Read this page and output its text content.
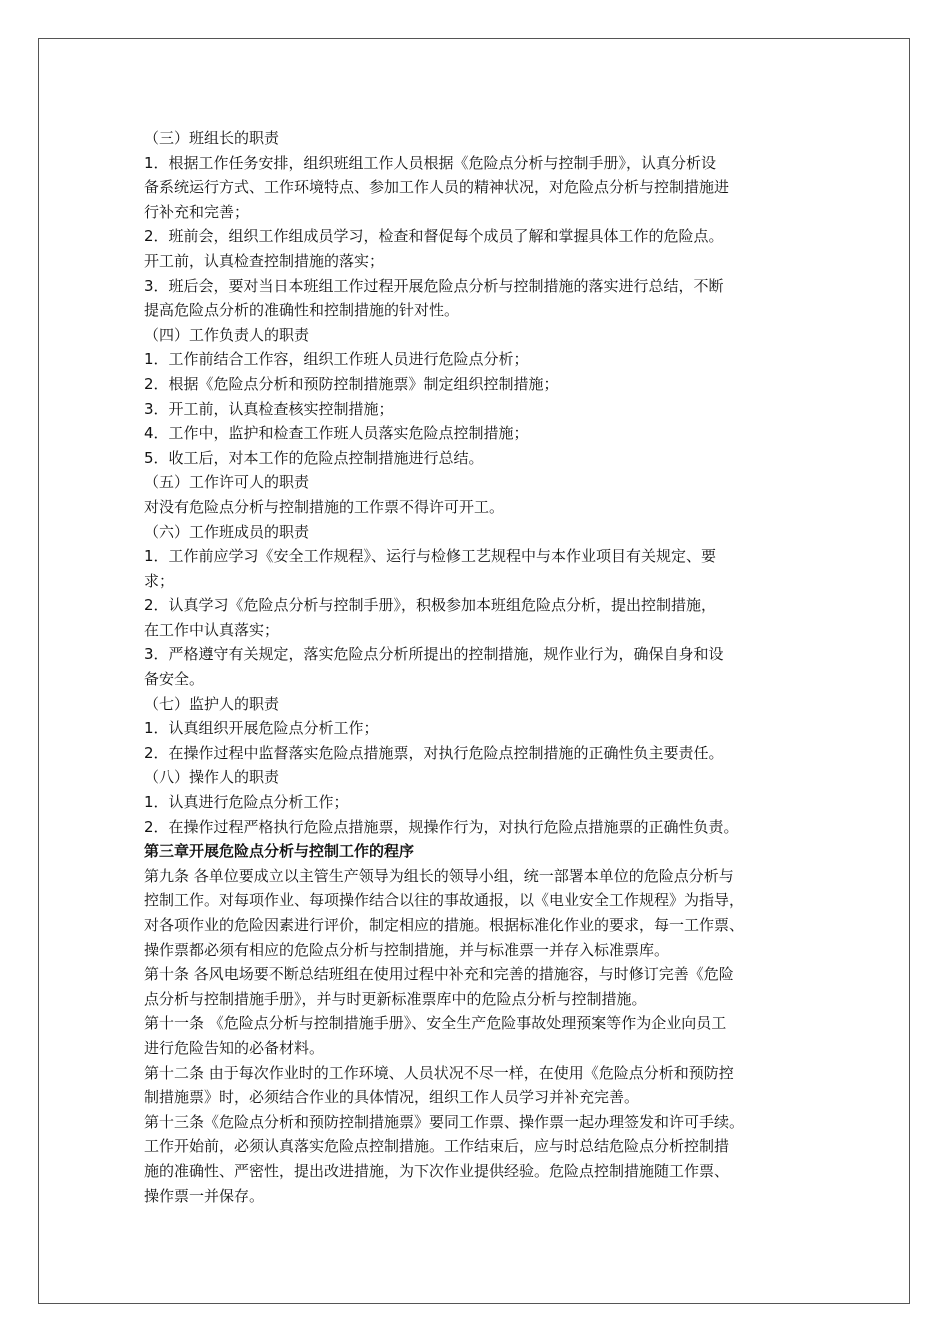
（三）班组长的职责
1．根据工作任务安排，组织班组工作人员根据《危险点分析与控制手册》，认真分析设
备系统运行方式、工作环境特点、参加工作人员的精神状况，对危险点分析与控制措施进
行补充和完善；
2．班前会，组织工作组成员学习，检查和督促每个成员了解和掌握具体工作的危险点。
开工前，认真检查控制措施的落实；
3．班后会，要对当日本班组工作过程开展危险点分析与控制措施的落实进行总结，不断
提高危险点分析的准确性和控制措施的针对性。
（四）工作负责人的职责
1．工作前结合工作容，组织工作班人员进行危险点分析；
2．根据《危险点分析和预防控制措施票》制定组织控制措施；
3．开工前，认真检查核实控制措施；
4．工作中，监护和检查工作班人员落实危险点控制措施；
5．收工后，对本工作的危险点控制措施进行总结。
（五）工作许可人的职责
对没有危险点分析与控制措施的工作票不得许可开工。
（六）工作班成员的职责
1．工作前应学习《安全工作规程》、运行与检修工艺规程中与本作业项目有关规定、要
求；
2．认真学习《危险点分析与控制手册》，积极参加本班组危险点分析，提出控制措施，
在工作中认真落实；
3．严格遵守有关规定，落实危险点分析所提出的控制措施，规作业行为，确保自身和设
备安全。
（七）监护人的职责
1．认真组织开展危险点分析工作；
2．在操作过程中监督落实危险点措施票，对执行危险点控制措施的正确性负主要责任。
（八）操作人的职责
1．认真进行危险点分析工作；
2．在操作过程严格执行危险点措施票，规操作行为，对执行危险点措施票的正确性负责。
第三章开展危险点分析与控制工作的程序
第九条 各单位要成立以主管生产领导为组长的领导小组，统一部署本单位的危险点分析与
控制工作。对每项作业、每项操作结合以往的事故通报，以《电业安全工作规程》为指导，
对各项作业的危险因素进行评价，制定相应的措施。根据标准化作业的要求，每一工作票、
操作票都必须有相应的危险点分析与控制措施，并与标准票一并存入标准票库。
第十条 各风电场要不断总结班组在使用过程中补充和完善的措施容，与时修订完善《危险
点分析与控制措施手册》，并与时更新标准票库中的危险点分析与控制措施。
第十一条 《危险点分析与控制措施手册》、安全生产危险事故处理预案等作为企业向员工
进行危险告知的必备材料。
第十二条 由于每次作业时的工作环境、人员状况不尽一样，在使用《危险点分析和预防控
制措施票》时，必须结合作业的具体情况，组织工作人员学习并补充完善。
第十三条《危险点分析和预防控制措施票》要同工作票、操作票一起办理签发和许可手续。
工作开始前，必须认真落实危险点控制措施。工作结束后，应与时总结危险点分析控制措
施的准确性、严密性，提出改进措施，为下次作业提供经验。危险点控制措施随工作票、
操作票一并保存。
